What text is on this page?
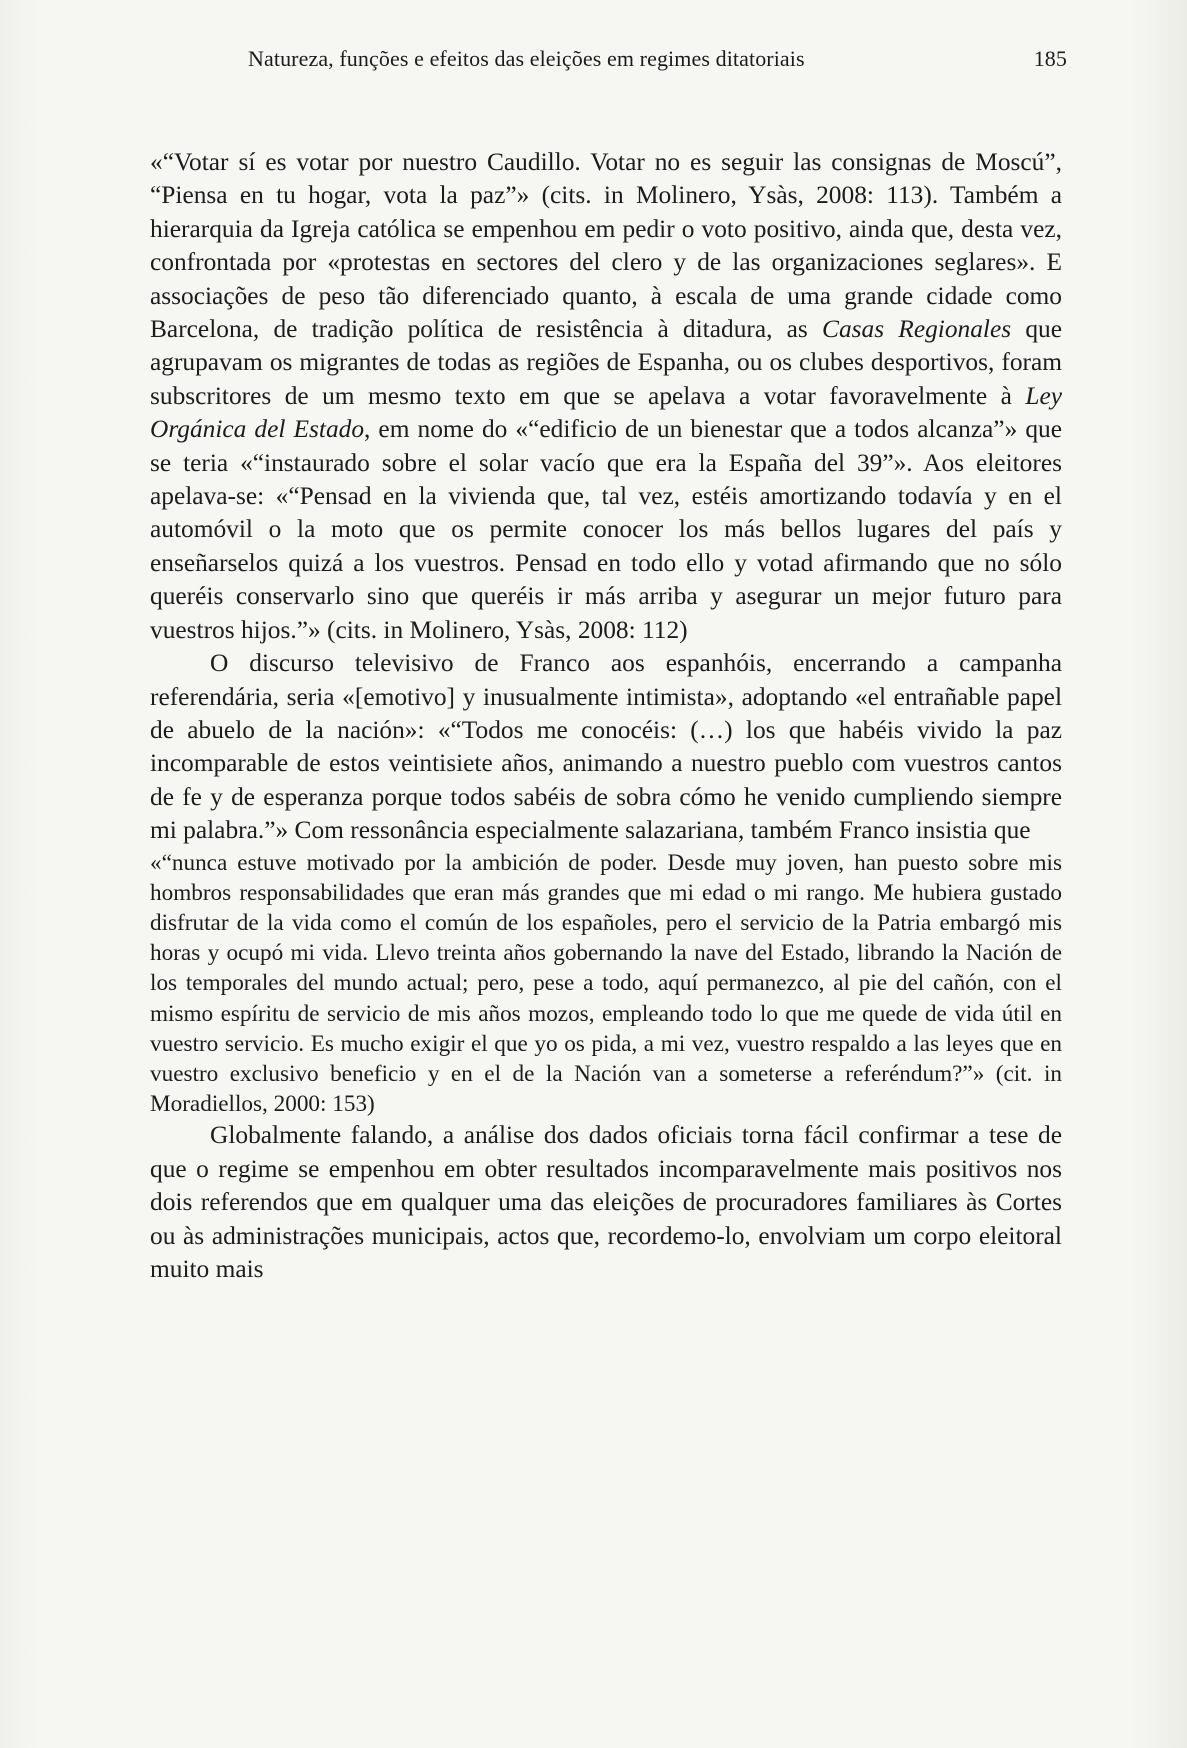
Natureza, funções e efeitos das eleições em regimes ditatoriais	185

«“Votar sí es votar por nuestro Caudillo. Votar no es seguir las consignas de Moscú”, “Piensa en tu hogar, vota la paz”» (cits. in Molinero, Ysàs, 2008: 113). Também a hierarquia da Igreja católica se empenhou em pedir o voto positivo, ainda que, desta vez, confrontada por «protestas en sectores del clero y de las organizaciones seglares». E associações de peso tão diferenciado quanto, à escala de uma grande cidade como Barcelona, de tradição política de resistência à ditadura, as Casas Regionales que agrupavam os migrantes de todas as regiões de Espanha, ou os clubes desportivos, foram subscritores de um mesmo texto em que se apelava a votar favoravelmente à Ley Orgánica del Estado, em nome do «“edificio de un bienestar que a todos alcanza”» que se teria «“instaurado sobre el solar vacío que era la España del 39”». Aos eleitores apelava-se: «“Pensad en la vivienda que, tal vez, estéis amortizando todavía y en el automóvil o la moto que os permite conocer los más bellos lugares del país y enseñarselos quizá a los vuestros. Pensad en todo ello y votad afirmando que no sólo queréis conservarlo sino que queréis ir más arriba y asegurar un mejor futuro para vuestros hijos.”» (cits. in Molinero, Ysàs, 2008: 112)

O discurso televisivo de Franco aos espanhóis, encerrando a campanha referendária, seria «[emotivo] y inusualmente intimista», adoptando «el entrañable papel de abuelo de la nación»: «“Todos me conocéis: (…) los que habéis vivido la paz incomparable de estos veintisiete años, animando a nuestro pueblo com vuestros cantos de fe y de esperanza porque todos sabéis de sobra cómo he venido cumpliendo siempre mi palabra.”» Com ressonância especialmente salazariana, também Franco insistia que

«“nunca estuve motivado por la ambición de poder. Desde muy joven, han puesto sobre mis hombros responsabilidades que eran más grandes que mi edad o mi rango. Me hubiera gustado disfrutar de la vida como el común de los españoles, pero el servicio de la Patria embargó mis horas y ocupó mi vida. Llevo treinta años gobernando la nave del Estado, librando la Nación de los temporales del mundo actual; pero, pese a todo, aquí permanezco, al pie del cañón, con el mismo espíritu de servicio de mis años mozos, empleando todo lo que me quede de vida útil en vuestro servicio. Es mucho exigir el que yo os pida, a mi vez, vuestro respaldo a las leyes que en vuestro exclusivo beneficio y en el de la Nación van a someterse a referéndum?”» (cit. in Moradiellos, 2000: 153)

Globalmente falando, a análise dos dados oficiais torna fácil confirmar a tese de que o regime se empenhou em obter resultados incomparavelmente mais positivos nos dois referendos que em qualquer uma das eleições de procuradores familiares às Cortes ou às administrações municipais, actos que, recordemo-lo, envolviam um corpo eleitoral muito mais
